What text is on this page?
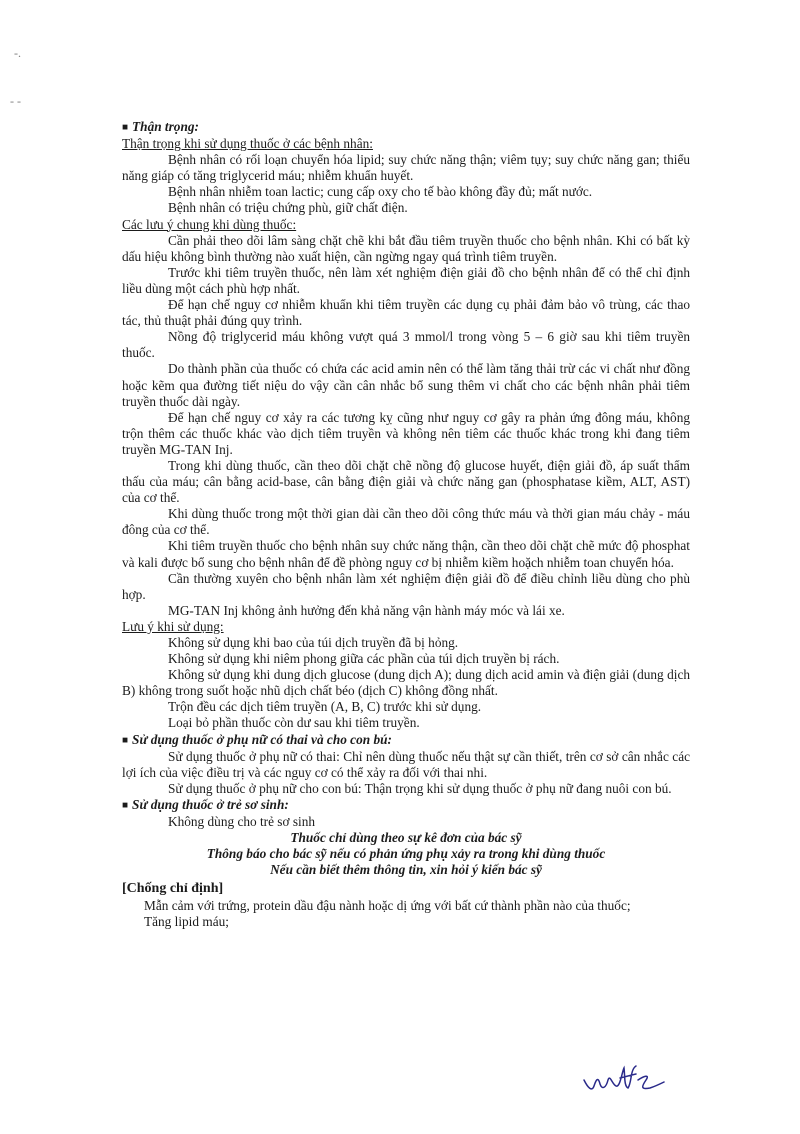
-.
- -

■ Thận trọng:

Thận trọng khi sử dụng thuốc ở các bệnh nhân:

Bệnh nhân có rối loạn chuyển hóa lipid; suy chức năng thận; viêm tụy; suy chức năng gan; thiểu năng giáp có tăng triglycerid máu; nhiễm khuẩn huyết.

Bệnh nhân nhiễm toan lactic; cung cấp oxy cho tế bào không đầy đủ; mất nước.

Bệnh nhân có triệu chứng phù, giữ chất điện.

Các lưu ý chung khi dùng thuốc:

Cần phải theo dõi lâm sàng chặt chẽ khi bắt đầu tiêm truyền thuốc cho bệnh nhân. Khi có bất kỳ dấu hiệu không bình thường nào xuất hiện, cần ngừng ngay quá trình tiêm truyền.

Trước khi tiêm truyền thuốc, nên làm xét nghiệm điện giải đồ cho bệnh nhân để có thể chỉ định liều dùng một cách phù hợp nhất.

Để hạn chế nguy cơ nhiễm khuẩn khi tiêm truyền các dụng cụ phải đảm bảo vô trùng, các thao tác, thủ thuật phải đúng quy trình.

Nồng độ triglycerid máu không vượt quá 3 mmol/l trong vòng 5 – 6 giờ sau khi tiêm truyền thuốc.

Do thành phần của thuốc có chứa các acid amin nên có thể làm tăng thải trừ các vi chất như đồng hoặc kẽm qua đường tiết niệu do vậy cần cân nhắc bổ sung thêm vi chất cho các bệnh nhân phải tiêm truyền thuốc dài ngày.

Để hạn chế nguy cơ xảy ra các tương kỵ cũng như nguy cơ gây ra phản ứng đông máu, không trộn thêm các thuốc khác vào dịch tiêm truyền và không nên tiêm các thuốc khác trong khi đang tiêm truyền MG-TAN Inj.

Trong khi dùng thuốc, cần theo dõi chặt chẽ nồng độ glucose huyết, điện giải đồ, áp suất thẩm thấu của máu; cân bằng acid-base, cân bằng điện giải và chức năng gan (phosphatase kiềm, ALT, AST) của cơ thể.

Khi dùng thuốc trong một thời gian dài cần theo dõi công thức máu và thời gian máu chảy - máu đông của cơ thể.

Khi tiêm truyền thuốc cho bệnh nhân suy chức năng thận, cần theo dõi chặt chẽ mức độ phosphat và kali được bổ sung cho bệnh nhân để đề phòng nguy cơ bị nhiễm kiềm hoặch nhiễm toan chuyển hóa.

Cần thường xuyên cho bệnh nhân làm xét nghiệm điện giải đồ để điều chỉnh liều dùng cho phù hợp.

MG-TAN Inj không ảnh hưởng đến khả năng vận hành máy móc và lái xe.

Lưu ý khi sử dụng:

Không sử dụng khi bao của túi dịch truyền đã bị hỏng.

Không sử dụng khi niêm phong giữa các phần của túi dịch truyền bị rách.

Không sử dụng khi dung dịch glucose (dung dịch A); dung dịch acid amin và điện giải (dung dịch B) không trong suốt hoặc nhũ dịch chất béo (dịch C) không đồng nhất.

Trộn đều các dịch tiêm truyền (A, B, C) trước khi sử dụng.

Loại bỏ phần thuốc còn dư sau khi tiêm truyền.

■ Sử dụng thuốc ở phụ nữ có thai và cho con bú:

Sử dụng thuốc ở phụ nữ có thai: Chỉ nên dùng thuốc nếu thật sự cần thiết, trên cơ sở cân nhắc các lợi ích của việc điều trị và các nguy cơ có thể xảy ra đối với thai nhi.

Sử dụng thuốc ở phụ nữ cho con bú: Thận trọng khi sử dụng thuốc ở phụ nữ đang nuôi con bú.

■ Sử dụng thuốc ở trẻ sơ sinh:

Không dùng cho trẻ sơ sinh

Thuốc chỉ dùng theo sự kê đơn của bác sỹ

Thông báo cho bác sỹ nếu có phản ứng phụ xảy ra trong khi dùng thuốc

Nếu cần biết thêm thông tin, xin hỏi ý kiến bác sỹ

[Chống chỉ định]

Mẫn cảm với trứng, protein dầu đậu nành hoặc dị ứng với bất cứ thành phần nào của thuốc;

Tăng lipid máu;
